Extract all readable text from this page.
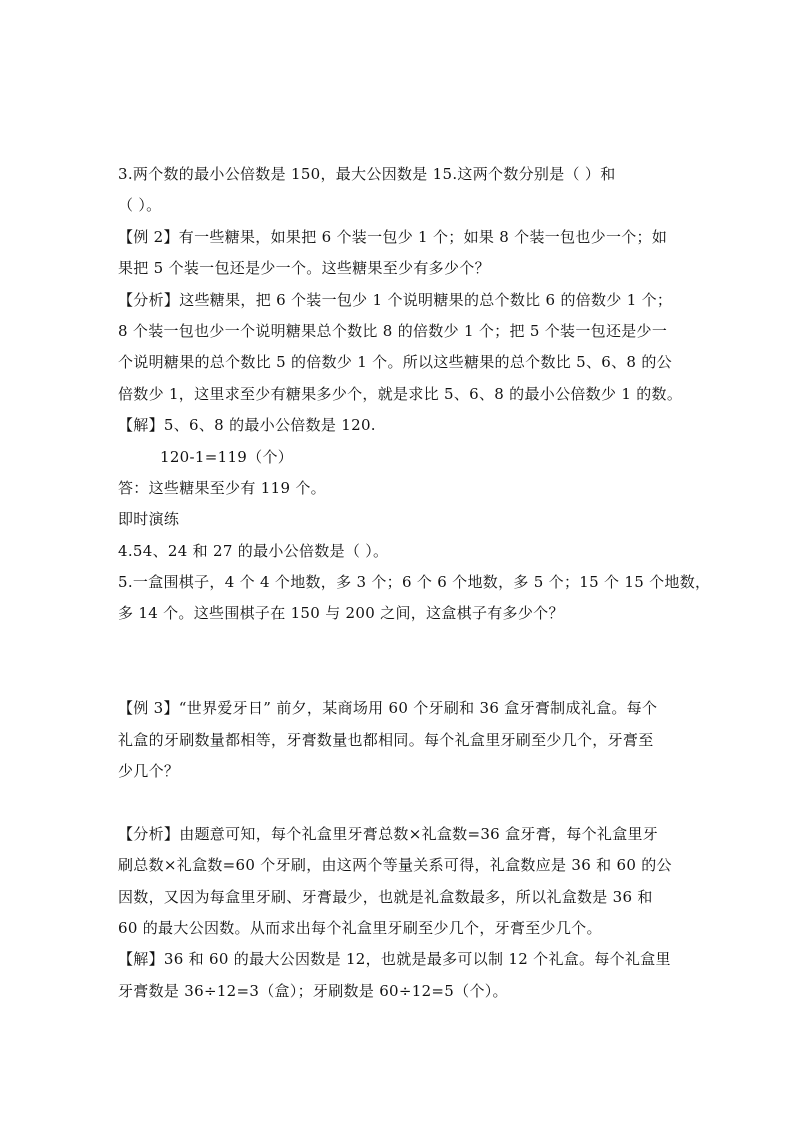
3.两个数的最小公倍数是 150，最大公因数是 15.这两个数分别是（ ）和
（ ）。
【例 2】有一些糖果，如果把 6 个装一包少 1 个；如果 8 个装一包也少一个；如
果把 5 个装一包还是少一个。这些糖果至少有多少个？
【分析】这些糖果，把 6 个装一包少 1 个说明糖果的总个数比 6 的倍数少 1 个；
8 个装一包也少一个说明糖果总个数比 8 的倍数少 1 个；把 5 个装一包还是少一
个说明糖果的总个数比 5 的倍数少 1 个。所以这些糖果的总个数比 5、6、8 的公
倍数少 1，这里求至少有糖果多少个，就是求比 5、6、8 的最小公倍数少 1 的数。
【解】5、6、8 的最小公倍数是 120.
120-1=119（个）
答：这些糖果至少有 119 个。
即时演练
4.54、24 和 27 的最小公倍数是（ ）。
5.一盒围棋子，4 个 4 个地数，多 3 个；6 个 6 个地数，多 5 个；15 个 15 个地数，
多 14 个。这些围棋子在 150 与 200 之间，这盒棋子有多少个？
【例 3】“世界爱牙日” 前夕，某商场用 60 个牙刷和 36 盒牙膏制成礼盒。每个
礼盒的牙刷数量都相等，牙膏数量也都相同。每个礼盒里牙刷至少几个，牙膏至
少几个？
【分析】由题意可知，每个礼盒里牙膏总数×礼盒数=36 盒牙膏，每个礼盒里牙
刷总数×礼盒数=60 个牙刷，由这两个等量关系可得，礼盒数应是 36 和 60 的公
因数，又因为每盒里牙刷、牙膏最少，也就是礼盒数最多，所以礼盒数是 36 和
60 的最大公因数。从而求出每个礼盒里牙刷至少几个，牙膏至少几个。
【解】36 和 60 的最大公因数是 12，也就是最多可以制 12 个礼盒。每个礼盒里
牙膏数是 36÷12=3（盒）；牙刷数是 60÷12=5（个）。
